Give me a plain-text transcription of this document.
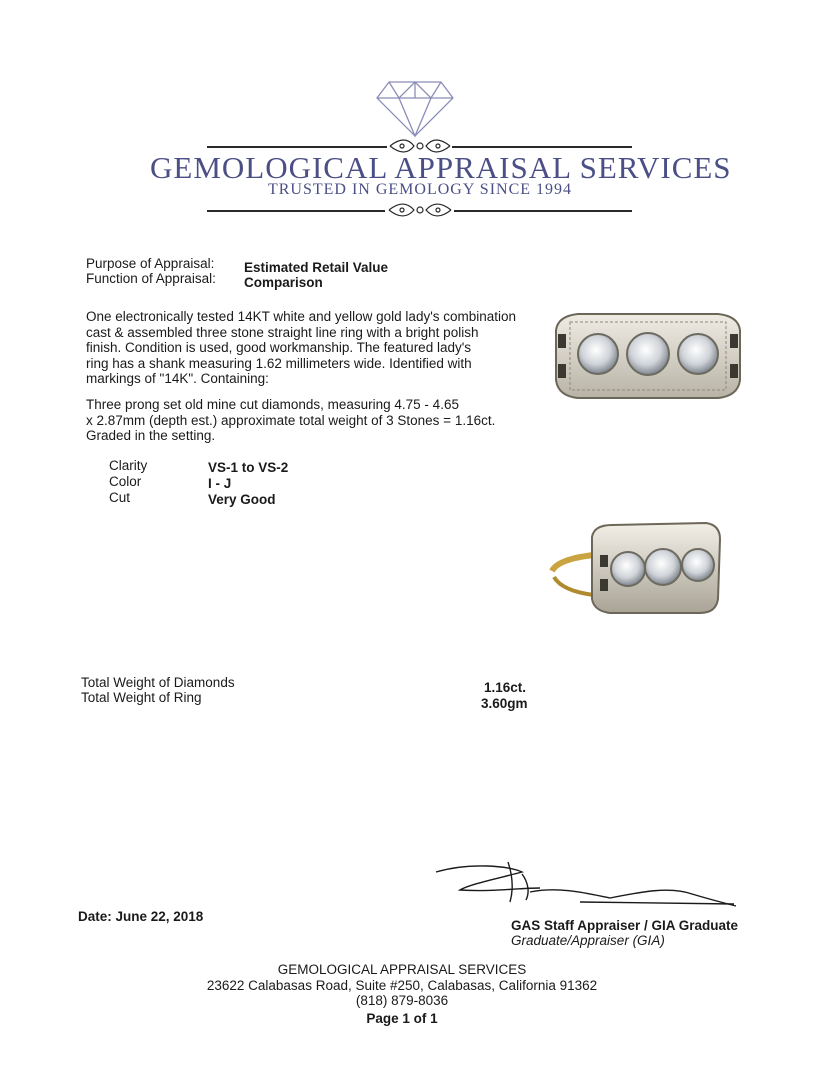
GEMOLOGICAL APPRAISAL SERVICES
TRUSTED IN GEMOLOGY SINCE 1994
Purpose of Appraisal: Estimated Retail Value
Function of Appraisal: Comparison
One electronically tested 14KT white and yellow gold lady's combination
cast & assembled three stone straight line ring with a bright polish
finish. Condition is used, good workmanship. The featured lady's
ring has a shank measuring 1.62 millimeters wide. Identified with
markings of "14K". Containing:
Three prong set old mine cut diamonds, measuring 4.75 - 4.65
x 2.87mm (depth est.) approximate total weight of 3 Stones = 1.16ct.
Graded in the setting.
Clarity	VS-1 to VS-2
Color	I - J
Cut	Very Good
Total Weight of Diamonds	1.16ct.
Total Weight of Ring	3.60gm
Date: June 22, 2018
GAS Staff Appraiser / GIA Graduate
Graduate/Appraiser (GIA)
GEMOLOGICAL APPRAISAL SERVICES
23622 Calabasas Road, Suite #250, Calabasas, California 91362
(818) 879-8036
Page 1 of 1
